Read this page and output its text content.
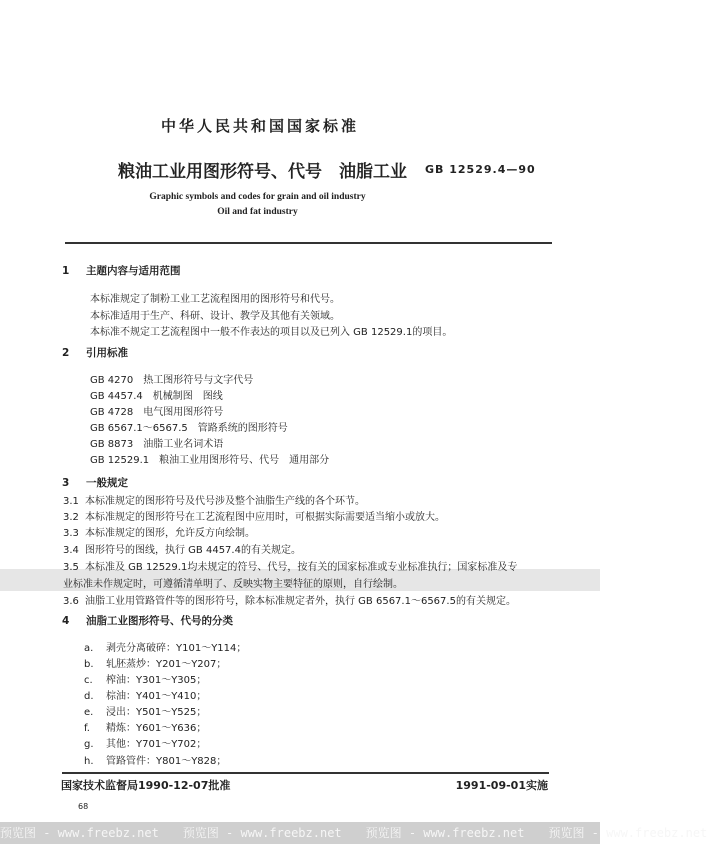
中华人民共和国国家标准
粮油工业用图形符号、代号　油脂工业 GB 12529.4—90
Graphic symbols and codes for grain and oil industry
Oil and fat industry
1 主题内容与适用范围
本标准规定了制粉工业工艺流程图用的图形符号和代号。
本标准适用于生产、科研、设计、教学及其他有关领域。
本标准不规定工艺流程图中一般不作表达的项目以及已列入 GB 12529.1的项目。
2 引用标准
GB 4270　热工图形符号与文字代号
GB 4457.4　机械制图　图线
GB 4728　电气图用图形符号
GB 6567.1～6567.5　管路系统的图形符号
GB 8873　油脂工业名词术语
GB 12529.1　粮油工业用图形符号、代号　通用部分
3 一般规定
3.1 本标准规定的图形符号及代号涉及整个油脂生产线的各个环节。
3.2 本标准规定的图形符号在工艺流程图中应用时，可根据实际需要适当缩小或放大。
3.3 本标准规定的图形，允许反方向绘制。
3.4 图形符号的图线，执行 GB 4457.4的有关规定。
3.5 本标准及 GB 12529.1均未规定的符号、代号，按有关的国家标准或专业标准执行；国家标准及专
业标准未作规定时，可遵循清单明了、反映实物主要特征的原则，自行绘制。
3.6 油脂工业用管路管件等的图形符号，除本标准规定者外，执行 GB 6567.1～6567.5的有关规定。
4 油脂工业图形符号、代号的分类
a. 剥壳分离破碎：Y101～Y114；
b. 轧胚蒸炒：Y201～Y207；
c. 榨油：Y301～Y305；
d. 棕油：Y401～Y410；
e. 浸出：Y501～Y525；
f. 精炼：Y601～Y636；
g. 其他：Y701～Y702；
h. 管路管件：Y801～Y828；
国家技术监督局1990-12-07批准	1991-09-01实施
68
预览图 - www.freebz.net　　预览图 - www.freebz.net　　预览图 - www.freebz.net　　预览图 - www.freebz.net
